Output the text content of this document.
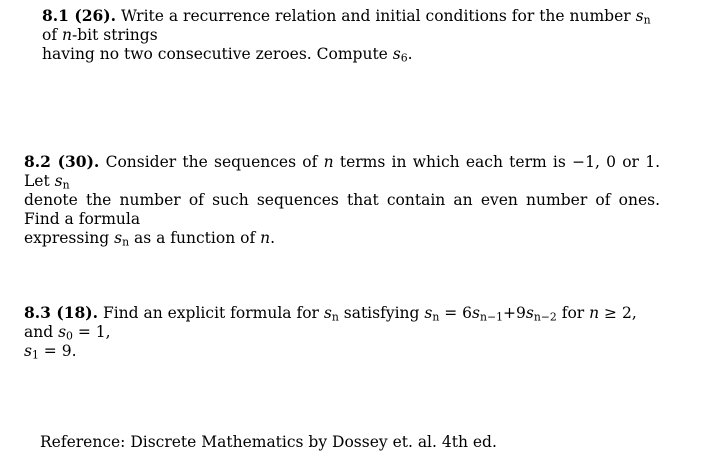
8.1 (26). Write a recurrence relation and initial conditions for the number $s_n$ of n-bit strings
having no two consecutive zeroes. Compute $s_6$.
8.2 (30). Consider the sequences of n terms in which each term is −1, 0 or 1. Let $s_n$
denote the number of such sequences that contain an even number of ones. Find a formula
expressing $s_n$ as a function of n.
8.3 (18). Find an explicit formula for $s_n$ satisfying $s_n = 6s_{n-1}+9s_{n-2}$ for n ≥ 2, and $s_0 = 1$,
$s_1 = 9$.
Reference: Discrete Mathematics by Dossey et. al. 4th ed.
